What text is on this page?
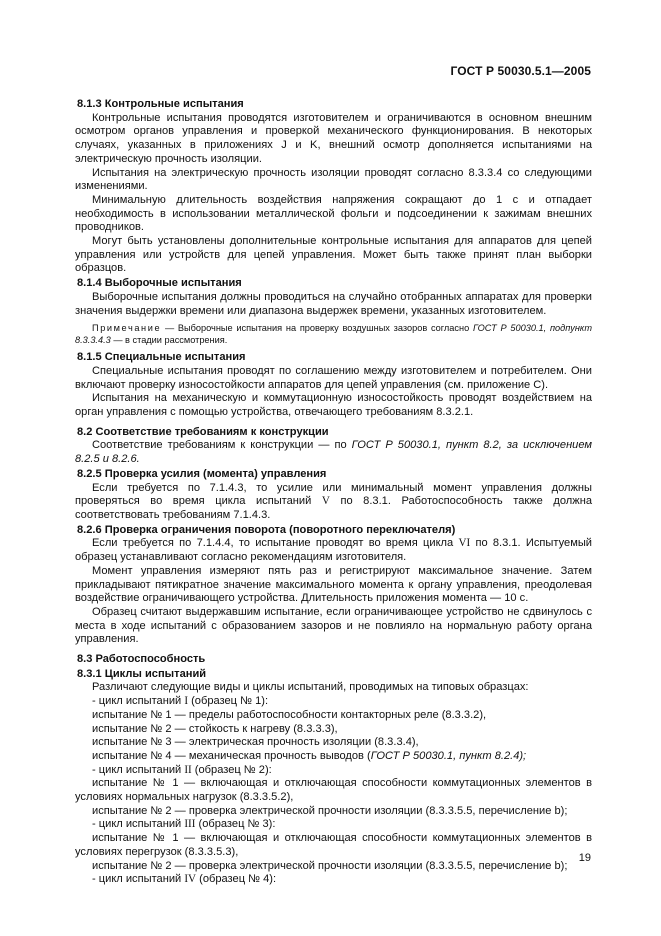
ГОСТ Р 50030.5.1—2005

8.1.3 Контрольные испытания

Контрольные испытания проводятся изготовителем и ограничиваются в основном внешним осмотром органов управления и проверкой механического функционирования. В некоторых случаях, указанных в приложениях J и K, внешний осмотр дополняется испытаниями на электрическую прочность изоляции.

Испытания на электрическую прочность изоляции проводят согласно 8.3.3.4 со следующими изменениями.

Минимальную длительность воздействия напряжения сокращают до 1 с и отпадает необходимость в использовании металлической фольги и подсоединении к зажимам внешних проводников.

Могут быть установлены дополнительные контрольные испытания для аппаратов для цепей управления или устройств для цепей управления. Может быть также принят план выборки образцов.

8.1.4 Выборочные испытания

Выборочные испытания должны проводиться на случайно отобранных аппаратах для проверки значения выдержки времени или диапазона выдержек времени, указанных изготовителем.

Примечание — Выборочные испытания на проверку воздушных зазоров согласно ГОСТ Р 50030.1, подпункт 8.3.3.4.3 — в стадии рассмотрения.

8.1.5 Специальные испытания

Специальные испытания проводят по соглашению между изготовителем и потребителем. Они включают проверку износостойкости аппаратов для цепей управления (см. приложение С).

Испытания на механическую и коммутационную износостойкость проводят воздействием на орган управления с помощью устройства, отвечающего требованиям 8.3.2.1.

8.2 Соответствие требованиям к конструкции

Соответствие требованиям к конструкции — по ГОСТ Р 50030.1, пункт 8.2, за исключением 8.2.5 и 8.2.6.

8.2.5 Проверка усилия (момента) управления

Если требуется по 7.1.4.3, то усилие или минимальный момент управления должны проверяться во время цикла испытаний V по 8.3.1. Работоспособность также должна соответствовать требованиям 7.1.4.3.

8.2.6 Проверка ограничения поворота (поворотного переключателя)

Если требуется по 7.1.4.4, то испытание проводят во время цикла VI по 8.3.1. Испытуемый образец устанавливают согласно рекомендациям изготовителя.

Момент управления измеряют пять раз и регистрируют максимальное значение. Затем прикладывают пятикратное значение максимального момента к органу управления, преодолевая воздействие ограничивающего устройства. Длительность приложения момента — 10 с.

Образец считают выдержавшим испытание, если ограничивающее устройство не сдвинулось с места в ходе испытаний с образованием зазоров и не повлияло на нормальную работу органа управления.

8.3 Работоспособность

8.3.1 Циклы испытаний

Различают следующие виды и циклы испытаний, проводимых на типовых образцах:

- цикл испытаний I (образец № 1):

испытание № 1 — пределы работоспособности контакторных реле (8.3.3.2),

испытание № 2 — стойкость к нагреву (8.3.3.3),

испытание № 3 — электрическая прочность изоляции (8.3.3.4),

испытание № 4 — механическая прочность выводов (ГОСТ Р 50030.1, пункт 8.2.4);

- цикл испытаний II (образец № 2):

испытание № 1 — включающая и отключающая способности коммутационных элементов в условиях нормальных нагрузок (8.3.3.5.2),

испытание № 2 — проверка электрической прочности изоляции (8.3.3.5.5, перечисление b);

- цикл испытаний III (образец № 3):

испытание № 1 — включающая и отключающая способности коммутационных элементов в условиях перегрузок (8.3.3.5.3),

испытание № 2 — проверка электрической прочности изоляции (8.3.3.5.5, перечисление b);

- цикл испытаний IV (образец № 4):

19
